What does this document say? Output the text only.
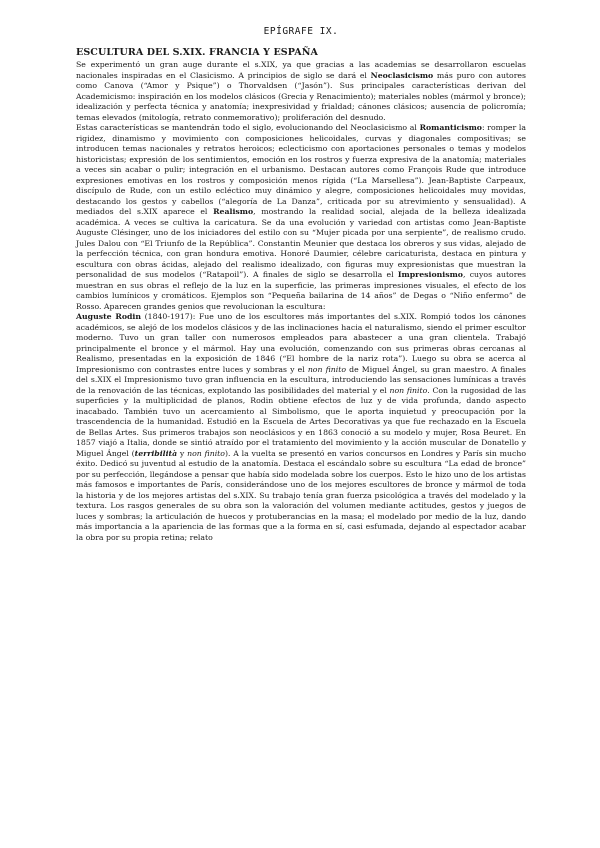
EPÍGRAFE IX.
ESCULTURA DEL S.XIX. FRANCIA Y ESPAÑA

Se experimentó un gran auge durante el s.XIX, ya que gracias a las academias se desarrollaron escuelas nacionales inspiradas en el Clasicismo. A principios de siglo se dará el Neoclasicismo más puro con autores como Canova (“Amor y Psique”) o Thorvaldsen (“Jasón”). Sus principales características derivan del Academicismo: inspiración en los modelos clásicos (Grecia y Renacimiento); materiales nobles (mármol y bronce); idealización y perfecta técnica y anatomía; inexpresividad y frialdad; cánones clásicos; ausencia de policromía; temas elevados (mitología, retrato conmemorativo); proliferación del desnudo.

Estas características se mantendrán todo el siglo, evolucionando del Neoclasicismo al Romanticismo: romper la rigidez, dinamismo y movimiento con composiciones helicoidales, curvas y diagonales compositivas; se introducen temas nacionales y retratos heroicos; eclecticismo con aportaciones personales o temas y modelos historicistas; expresión de los sentimientos, emoción en los rostros y fuerza expresiva de la anatomía; materiales a veces sin acabar o pulir; integración en el urbanismo. Destacan autores como François Rude que introduce expresiones emotivas en los rostros y composición menos rígida (“La Marsellesa”). Jean-Baptiste Carpeaux, discípulo de Rude, con un estilo ecléctico muy dinámico y alegre, composiciones helicoidales muy movidas, destacando los gestos y cabellos (“alegoría de La Danza”, criticada por su atrevimiento y sensualidad). A mediados del s.XIX aparece el Realismo, mostrando la realidad social, alejada de la belleza idealizada académica. A veces se cultiva la caricatura. Se da una evolución y variedad con artistas como Jean-Baptiste Auguste Clésinger, uno de los iniciadores del estilo con su “Mujer picada por una serpiente”, de realismo crudo. Jules Dalou con “El Triunfo de la República”. Constantin Meunier que destaca los obreros y sus vidas, alejado de la perfección técnica, con gran hondura emotiva. Honoré Daumier, célebre caricaturista, destaca en pintura y escultura con obras ácidas, alejado del realismo idealizado, con figuras muy expresionistas que muestran la personalidad de sus modelos (“Ratapoil”). A finales de siglo se desarrolla el Impresionismo, cuyos autores muestran en sus obras el reflejo de la luz en la superficie, las primeras impresiones visuales, el efecto de los cambios lumínicos y cromáticos. Ejemplos son “Pequeña bailarina de 14 años” de Degas o “Niño enfermo” de Rosso. Aparecen grandes genios que revolucionan la escultura:

Auguste Rodin (1840-1917): Fue uno de los escultores más importantes del s.XIX. Rompió todos los cánones académicos, se alejó de los modelos clásicos y de las inclinaciones hacia el naturalismo, siendo el primer escultor moderno. Tuvo un gran taller con numerosos empleados para abastecer a una gran clientela. Trabajó principalmente el bronce y el mármol. Hay una evolución, comenzando con sus primeras obras cercanas al Realismo, presentadas en la exposición de 1846 (“El hombre de la nariz rota”). Luego su obra se acerca al Impresionismo con contrastes entre luces y sombras y el non finito de Miguel Ángel, su gran maestro. A finales del s.XIX el Impresionismo tuvo gran influencia en la escultura, introduciendo las sensaciones lumínicas a través de la renovación de las técnicas, explotando las posibilidades del material y el non finito. Con la rugosidad de las superficies y la multiplicidad de planos, Rodin obtiene efectos de luz y de vida profunda, dando aspecto inacabado. También tuvo un acercamiento al Simbolismo, que le aporta inquietud y preocupación por la trascendencia de la humanidad. Estudió en la Escuela de Artes Decorativas ya que fue rechazado en la Escuela de Bellas Artes. Sus primeros trabajos son neoclásicos y en 1863 conoció a su modelo y mujer, Rosa Beuret. En 1857 viajó a Italia, donde se sintió atraído por el tratamiento del movimiento y la acción muscular de Donatello y Miguel Ángel (terribilità y non finito). A la vuelta se presentó en varios concursos en Londres y París sin mucho éxito. Dedicó su juventud al estudio de la anatomía. Destaca el escándalo sobre su escultura “La edad de bronce” por su perfección, llegándose a pensar que había sido modelada sobre los cuerpos. Esto le hizo uno de los artistas más famosos e importantes de París, considerándose uno de los mejores escultores de bronce y mármol de toda la historia y de los mejores artistas del s.XIX. Su trabajo tenía gran fuerza psicológica a través del modelado y la textura. Los rasgos generales de su obra son la valoración del volumen mediante actitudes, gestos y juegos de luces y sombras; la articulación de huecos y protuberancias en la masa; el modelado por medio de la luz, dando más importancia a la apariencia de las formas que a la forma en sí, casi esfumada, dejando al espectador acabar la obra por su propia retina; relato
